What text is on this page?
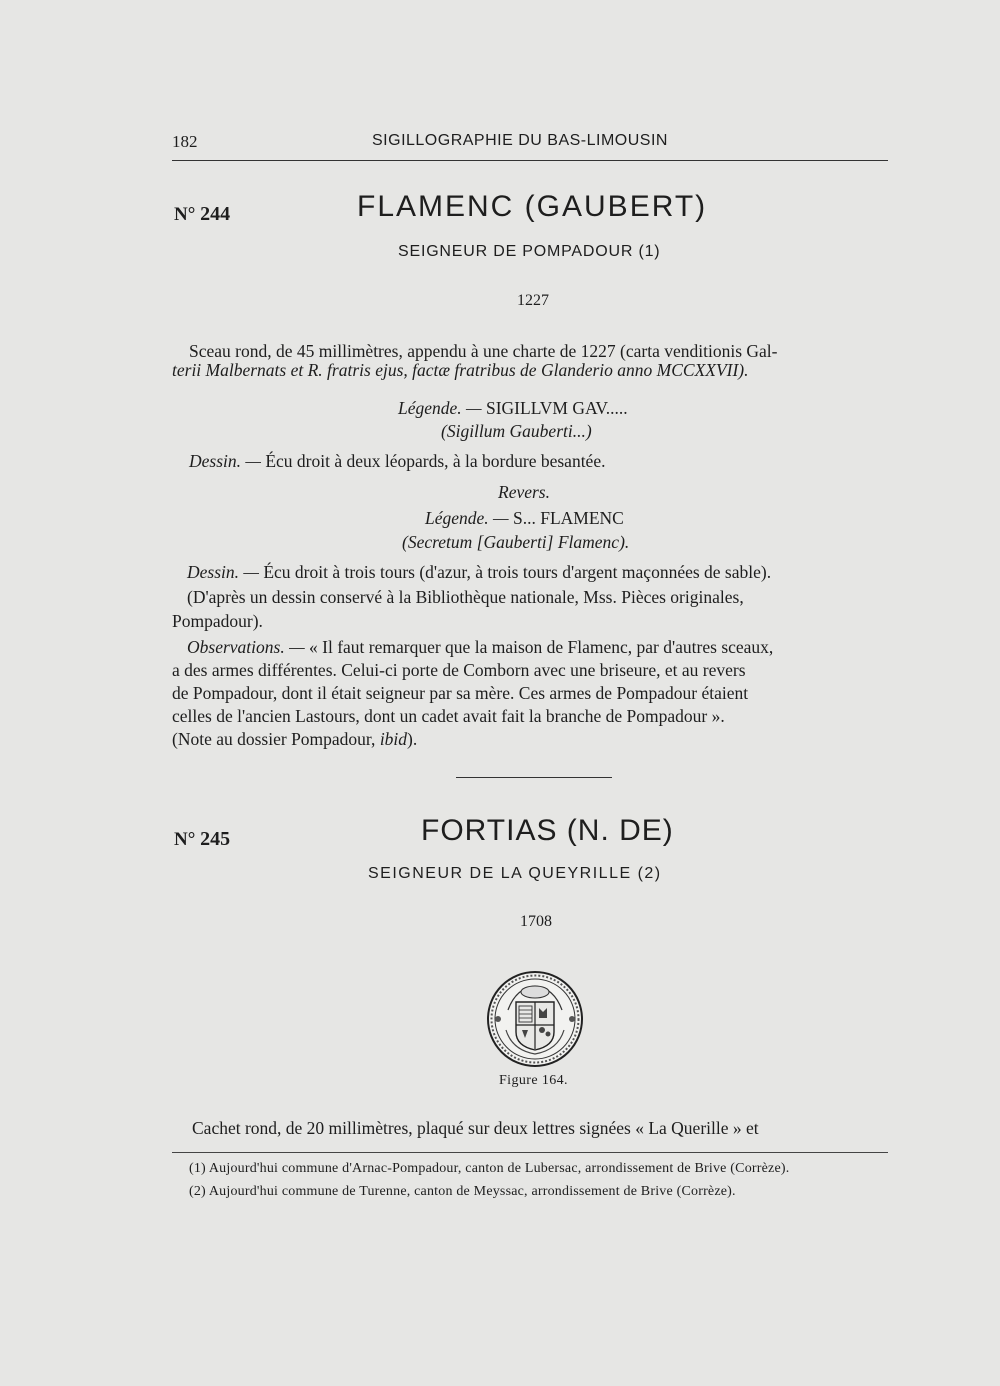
182	SIGILLOGRAPHIE DU BAS-LIMOUSIN
N° 244	FLAMENC (GAUBERT)
SEIGNEUR DE POMPADOUR (1)
1227
Sceau rond, de 45 millimètres, appendu à une charte de 1227 (carta venditionis Gal-
terii Malbernats et R. fratris ejus, factæ fratribus de Glanderio anno MCCXXVII).
Légende. — SIGILLVM GAV.....
(Sigillum Gauberti...)
Dessin. — Écu droit à deux léopards, à la bordure besantée.
Revers.
Légende. — S... FLAMENC
(Secretum [Gauberti] Flamenc).
Dessin. — Écu droit à trois tours (d'azur, à trois tours d'argent maçonnées de sable).
(D'après un dessin conservé à la Bibliothèque nationale, Mss. Pièces originales,
Pompadour).
Observations. — « Il faut remarquer que la maison de Flamenc, par d'autres sceaux,
a des armes différentes. Celui-ci porte de Comborn avec une briseure, et au revers
de Pompadour, dont il était seigneur par sa mère. Ces armes de Pompadour étaient
celles de l'ancien Lastours, dont un cadet avait fait la branche de Pompadour ».
(Note au dossier Pompadour, ibid).
N° 245	FORTIAS (N. DE)
SEIGNEUR DE LA QUEYRILLE (2)
1708
Figure 164.
Cachet rond, de 20 millimètres, plaqué sur deux lettres signées « La Querille » et
(1) Aujourd'hui commune d'Arnac-Pompadour, canton de Lubersac, arrondissement de Brive (Corrèze).
(2) Aujourd'hui commune de Turenne, canton de Meyssac, arrondissement de Brive (Corrèze).
